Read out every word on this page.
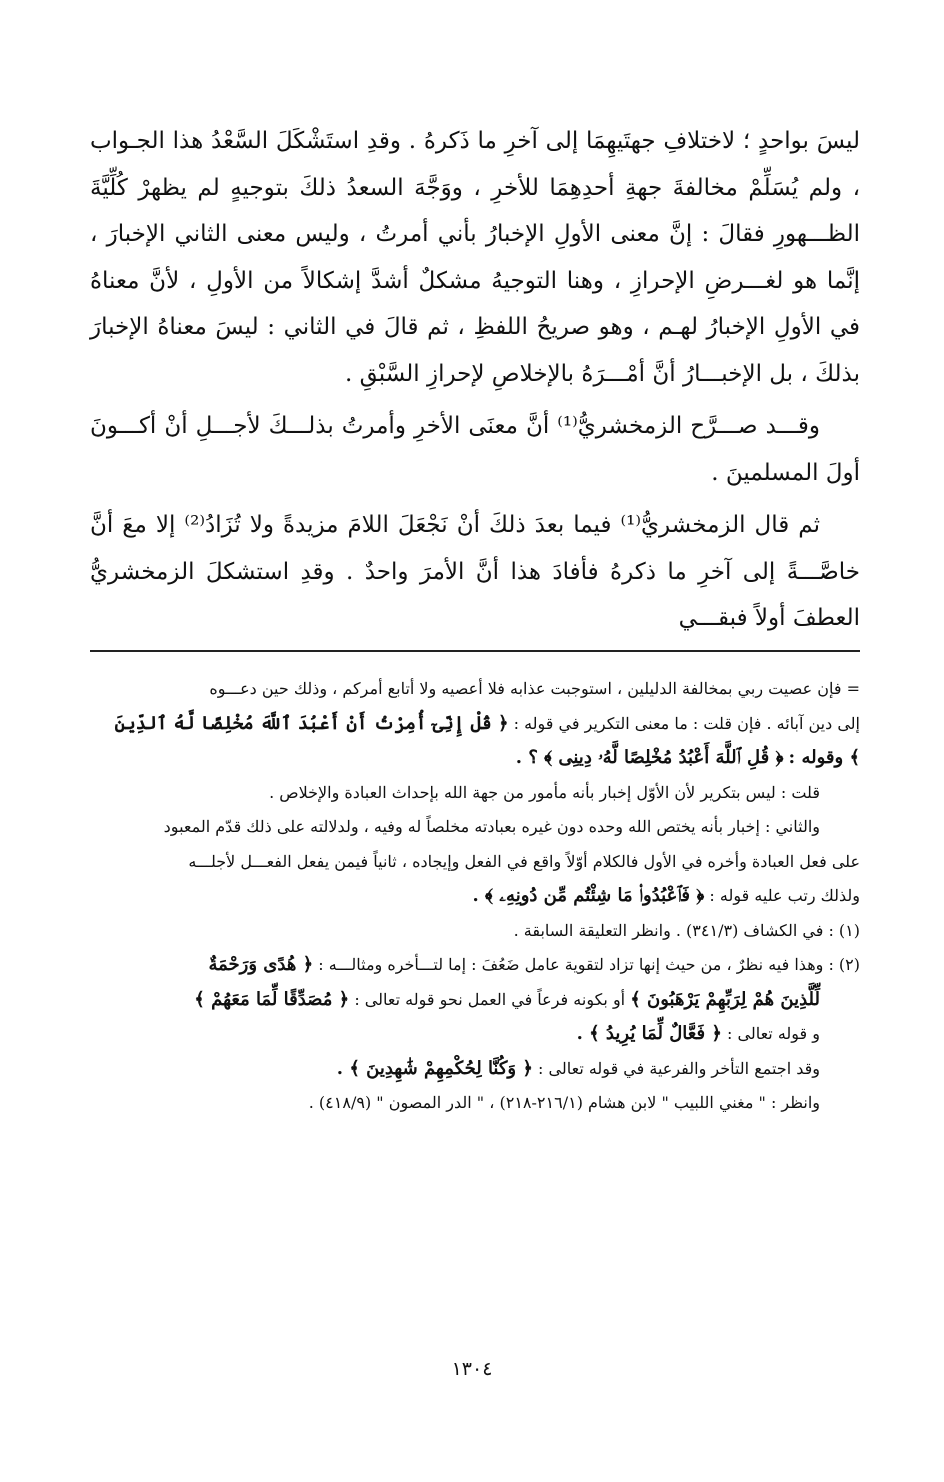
ليسَ بواحدٍ ؛ لاختلافِ جهتَيهِمَا إلى آخرِ ما ذَكرهُ . وقدِ استَشْكَلَ السَّعْدُ هذا الجـواب ، ولم يُسَلِّمْ مخالفةَ جهةِ أحدِهِمَا للأخرِ ، ووَجَّهَ السعدُ ذلكَ بتوجيهٍ لم يظهرْ كُلِّيَّةَ الظـــهورِ فقالَ : إنَّ معنى الأولِ الإخبارُ بأني أمرتُ ، وليس معنى الثاني الإخبارَ ، إنَّما هو لغـــرضِ الإحرازِ ، وهنا التوجيهُ مشكلٌ أشدَّ إشكالاً من الأولِ ، لأنَّ معناهُ في الأولِ الإخبارُ لهـم ، وهو صريحُ اللفظِ ، ثم قالَ في الثاني : ليسَ معناهُ الإخبارَ بذلكَ ، بل الإخبـــارُ أنَّ أمْـــرَهُ بالإخلاصِ لإحرازِ السَّبْقِ .

وقـــد صـــرَّح الزمخشريُّ⁽¹⁾ أنَّ معنَى الأخرِ وأمرتُ بذلـــكَ لأجـــلِ أنْ أكـــونَ أولَ المسلمينَ .

ثم قال الزمخشريُّ⁽¹⁾ فيما بعدَ ذلكَ أنْ نَجْعَلَ اللامَ مزيدةً ولا تُزَادُ⁽²⁾ إلا معَ أنَّ خاصَّـــةً إلى آخرِ ما ذكرهُ فأفادَ هذا أنَّ الأمرَ واحدٌ . وقدِ استشكلَ الزمخشريُّ العطفَ أولاً فبقـــي

= فإن عصيت ربي بمخالفة الدليلين ، استوجبت عذابه فلا أعصيه ولا أتابع أمركم ، وذلك حين دعـــوه

إلى دين آبائه . فإن قلت : ما معنى التكرير في قوله : ﴿ قُلْ إِنِّىٓ أُمِرْتُ أَنْ أَعْبُدَ ٱللَّهَ مُخْلِصًا لَّهُ ٱلدِّينَ

﴾ وقوله : ﴿ قُلِ ٱللَّهَ أَعْبُدُ مُخْلِصًا لَّهُۥ دِينِى ﴾ ؟ .

قلت : ليس بتكرير لأن الأوّل إخبار بأنه مأمور من جهة الله بإحداث العبادة والإخلاص .

والثاني : إخبار بأنه يختص الله وحده دون غيره بعبادته مخلصاً له وفيه ، ولدلالته على ذلك قدّم المعبود

على فعل العبادة وأخره في الأول فالكلام أوّلاً واقع في الفعل وإيجاده ، ثانياً فيمن يفعل الفعـــل لأجلـــه

ولذلك رتب عليه قوله : ﴿ فَٱعْبُدُوا۟ مَا شِئْتُم مِّن دُونِهِۦ ﴾ .

(١) : في الكشاف (٣٤١/٣) . وانظر التعليقة السابقة .

(٢) : وهذا فيه نظرٌ ، من حيث إنها تزاد لتقوية عامل ضَعُفَ : إما لتـــأخره ومثالـــه : ﴿ هُدًى وَرَحْمَةٌ

لِّلَّذِينَ هُمْ لِرَبِّهِمْ يَرْهَبُونَ ﴾ أو بكونه فرعاً في العمل نحو قوله تعالى : ﴿ مُصَدِّقًا لِّمَا مَعَهُمْ ﴾

و قوله تعالى : ﴿ فَعَّالٌ لِّمَا يُرِيدُ ﴾ .

وقد اجتمع التأخر والفرعية في قوله تعالى : ﴿ وَكُنَّا لِحُكْمِهِمْ شَٰهِدِينَ ﴾ .

وانظر : " مغني اللبيب " لابن هشام (٢١٦/١-٢١٨) ، " الدر المصون " (٤١٨/٩) .

١٣٠٤
